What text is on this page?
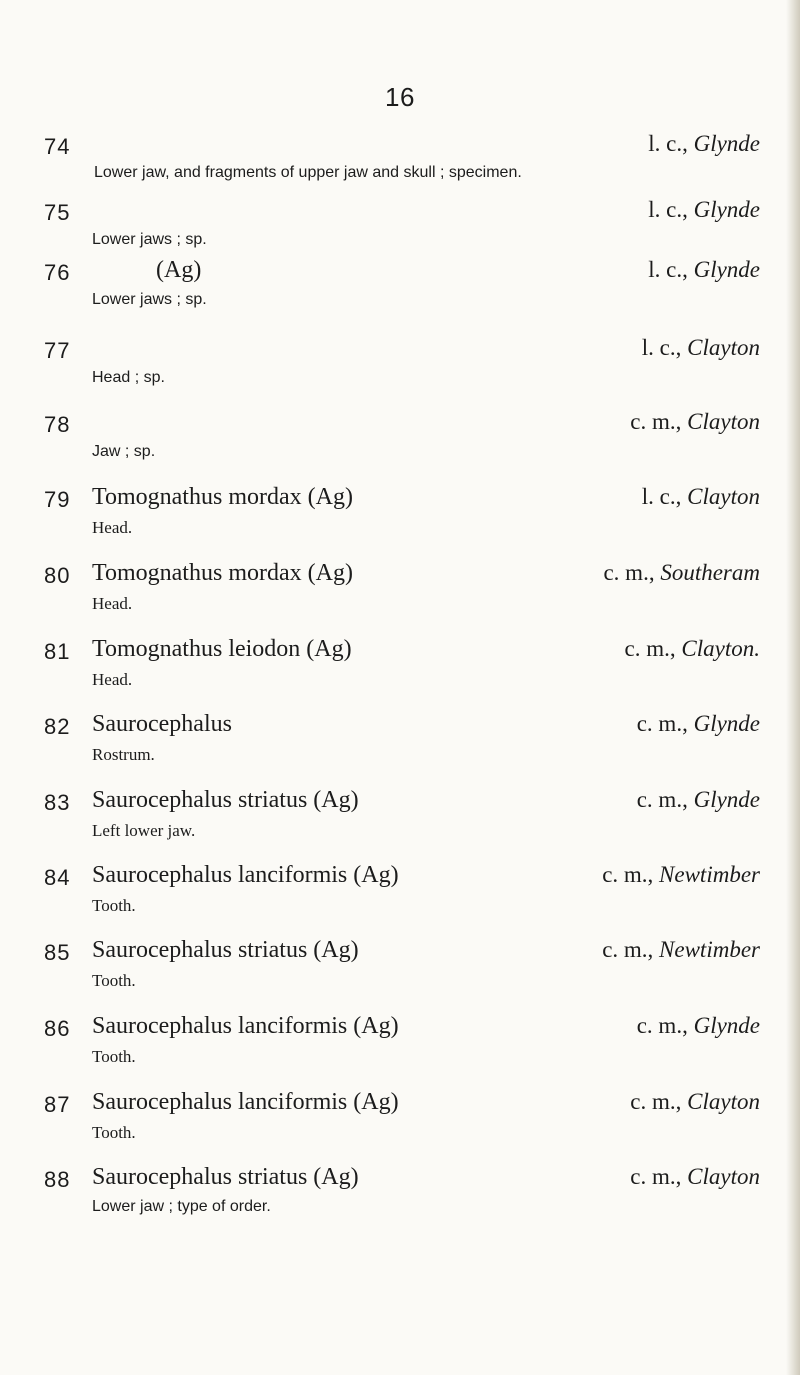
16
74	l. c., Glynde
Lower jaw, and fragments of upper jaw and skull ; specimen.
75	l. c., Glynde
Lower jaws ; sp.
76	(Ag)	l. c., Glynde
Lower jaws ; sp.
77	l. c., Clayton
Head ; sp.
78	c. m., Clayton
Jaw ; sp.
79 Tomognathus mordax (Ag)	l. c., Clayton
Head.
80 Tomognathus mordax (Ag)	c. m., Southeram
Head.
81 Tomognathus leiodon (Ag)	c. m., Clayton.
Head.
82 Saurocephalus	c. m., Glynde
Rostrum.
83 Saurocephalus striatus (Ag)	c. m., Glynde
Left lower jaw.
84 Saurocephalus lanciformis (Ag)	c. m., Newtimber
Tooth.
85 Saurocephalus striatus (Ag)	c. m., Newtimber
Tooth.
86 Saurocephalus lanciformis (Ag)	c. m., Glynde
Tooth.
87 Saurocephalus lanciformis (Ag)	c. m., Clayton
Tooth.
88 Saurocephalus striatus (Ag)	c. m., Clayton
Lower jaw ; type of order.
